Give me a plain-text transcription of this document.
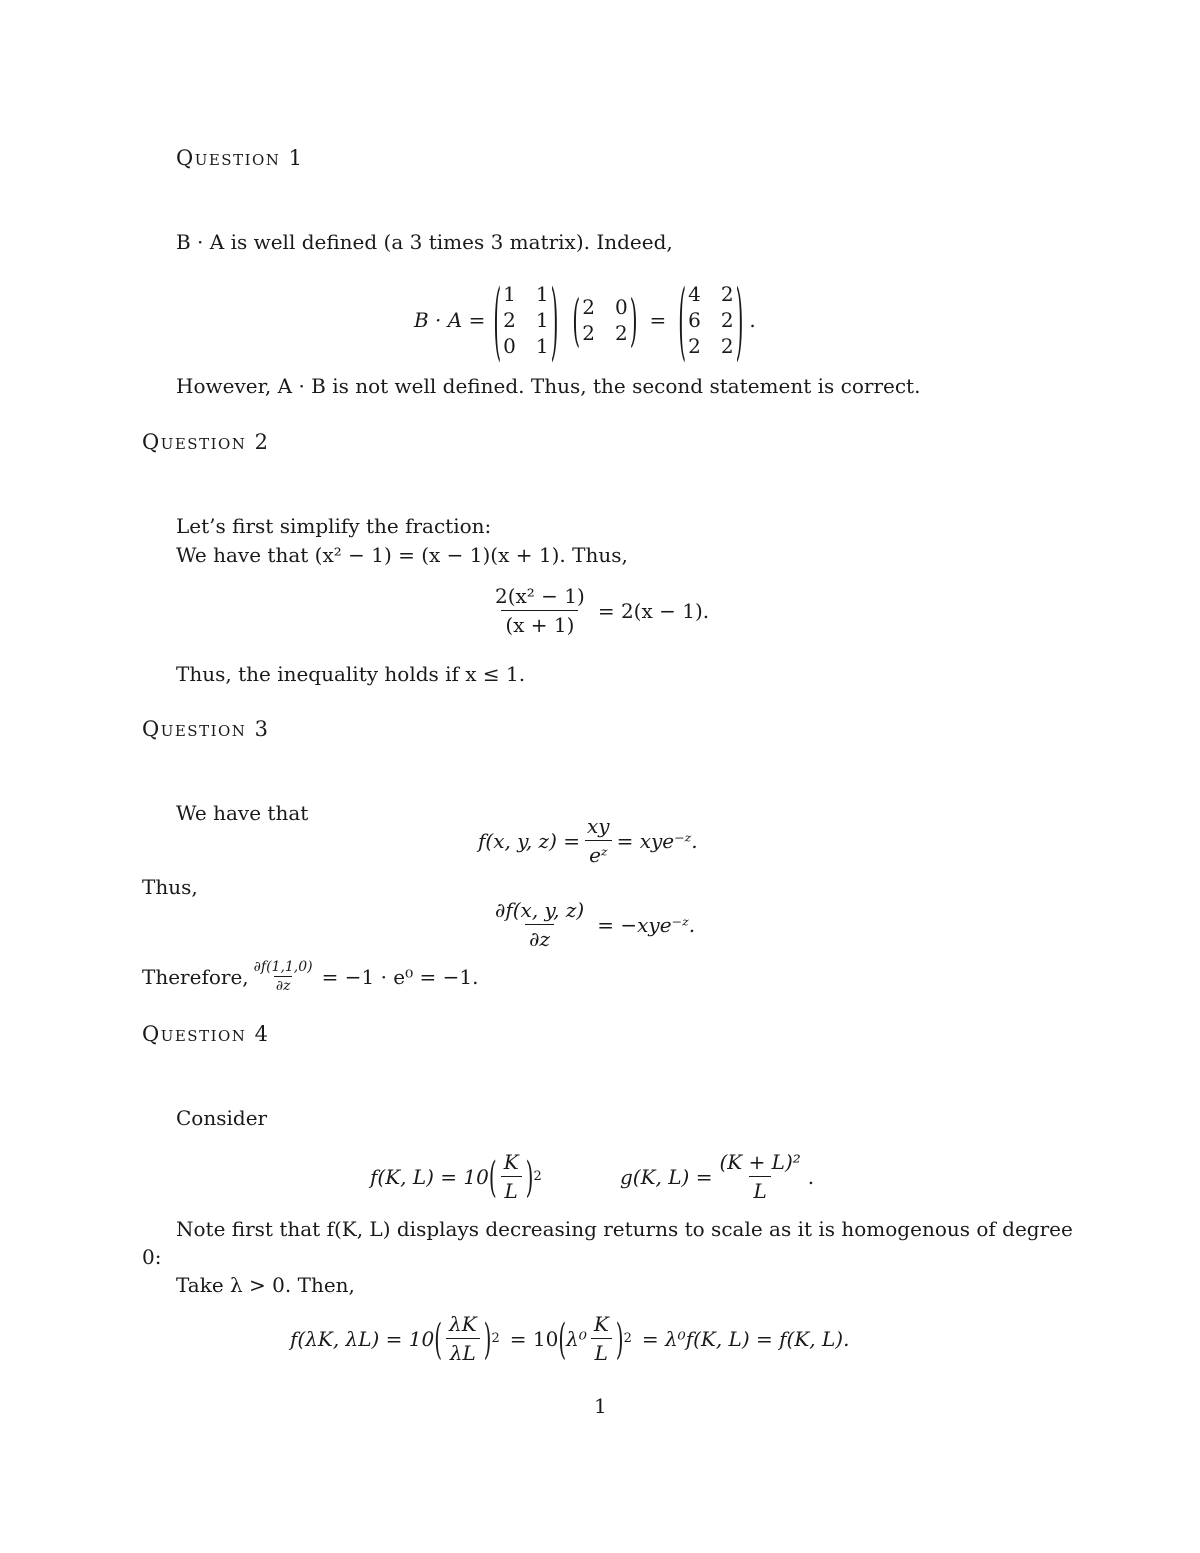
Question 1
B · A is well defined (a 3 times 3 matrix). Indeed,
B · A = ( 1 1
2 1
0 1 ) ( 2 0
2 2 ) = ( 4 2
6 2
2 2 ) .
However, A · B is not well defined. Thus, the second statement is correct.
Question 2
Let’s first simplify the fraction:
We have that (x² − 1) = (x − 1)(x + 1). Thus,
$\frac{\text{2(x² − 1)}}{(x + 1)} = 2(x - 1)$.
Thus, the inequality holds if x ≤ 1.
Question 3
We have that
f(x, y, $z) = \frac{xy}{\text{eᶻ}}$ = xye⁻ᶻ.
Thus,
$\frac{\partial f(x, y, z)}{\partial z}$ = −xye⁻ᶻ.
Therefore, $\frac{\partial f(1,1,0)}{\partial z} = -1 \cdot e^0 = -1$.
Question 4
Consider
f(K, L) = 10 ( $\frac{K}{L}$ ) 2	g(K, $L) = \frac{\text{(K + L)²}}{L}$ .
Note first that f(K, L) displays decreasing returns to scale as it is homogenous of degree
0:
Take λ > 0. Then,
f(λK, λL) = 10 ( $\frac{\lambda K}{\lambda L}$ ) 2 = 10 ( $\lambda^0 \frac{K}{L}$ ) 2 = λ⁰f(K, L) = f(K, L).
1
